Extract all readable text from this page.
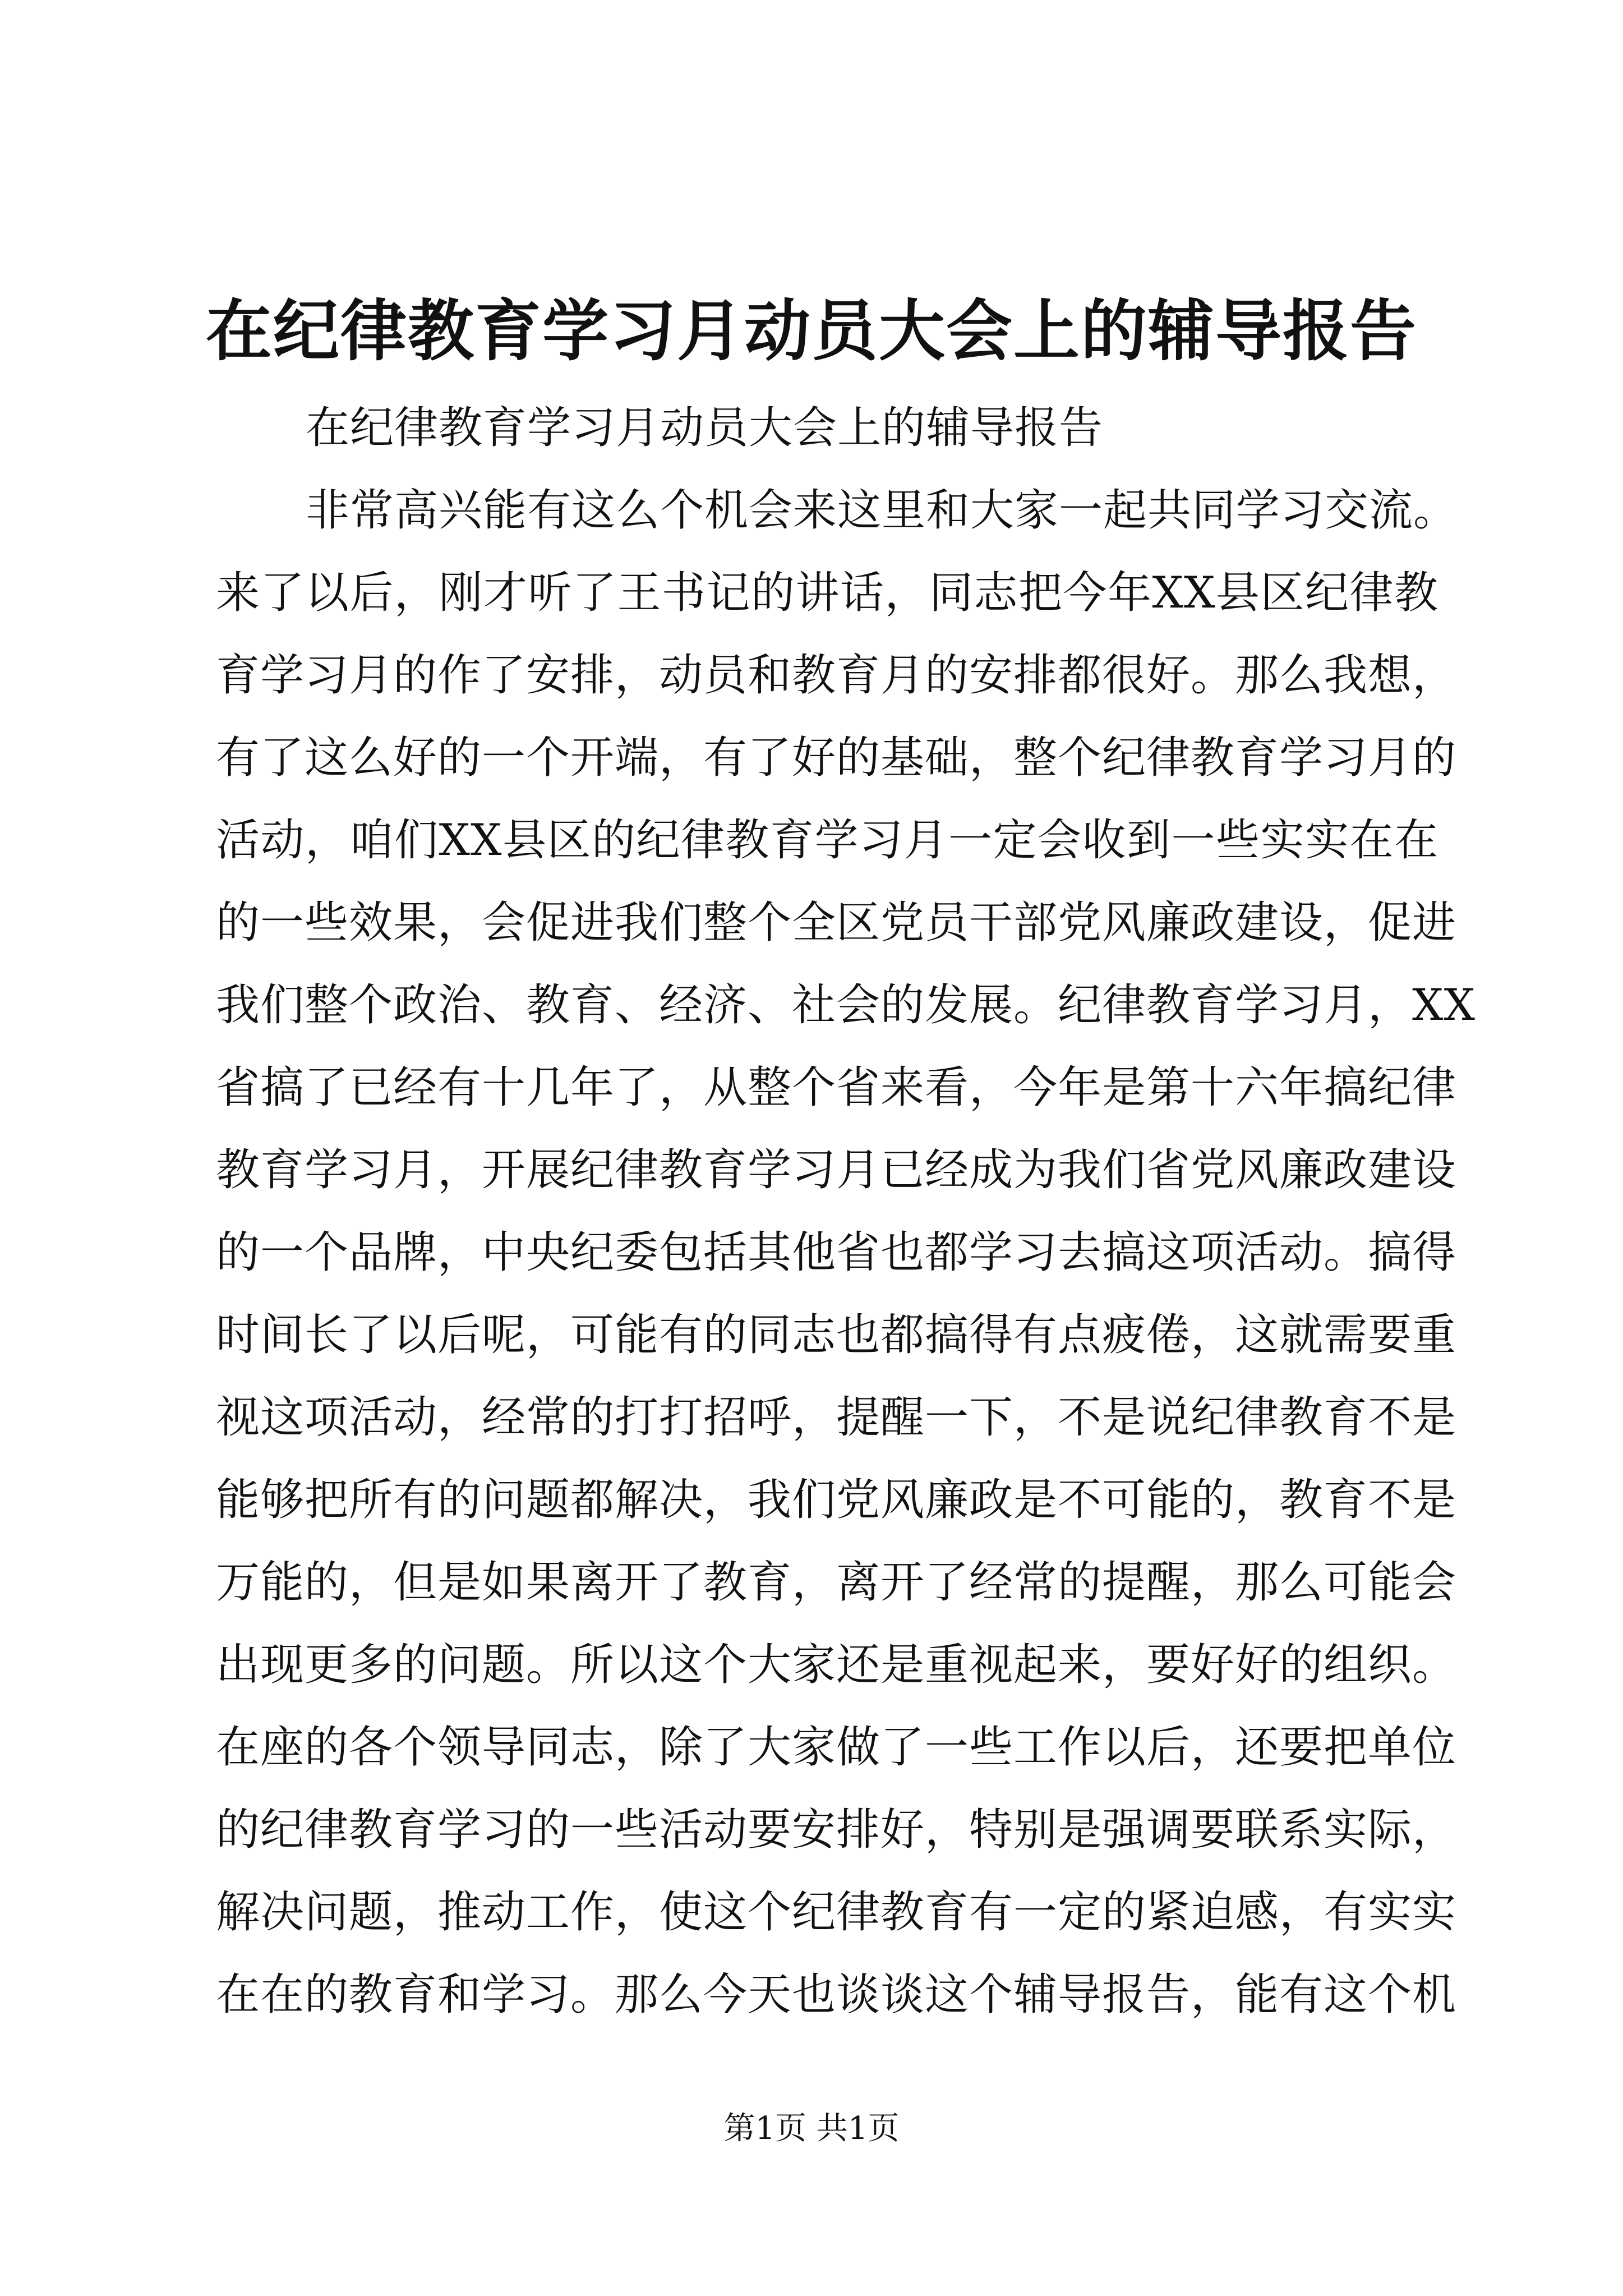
在纪律教育学习月动员大会上的辅导报告
在纪律教育学习月动员大会上的辅导报告
非常高兴能有这么个机会来这里和大家一起共同学习交流。
来了以后，刚才听了王书记的讲话，同志把今年XX县区纪律教
育学习月的作了安排，动员和教育月的安排都很好。那么我想，
有了这么好的一个开端，有了好的基础，整个纪律教育学习月的
活动，咱们XX县区的纪律教育学习月一定会收到一些实实在在
的一些效果，会促进我们整个全区党员干部党风廉政建设，促进
我们整个政治、教育、经济、社会的发展。纪律教育学习月，XX
省搞了已经有十几年了，从整个省来看，今年是第十六年搞纪律
教育学习月，开展纪律教育学习月已经成为我们省党风廉政建设
的一个品牌，中央纪委包括其他省也都学习去搞这项活动。搞得
时间长了以后呢，可能有的同志也都搞得有点疲倦，这就需要重
视这项活动，经常的打打招呼，提醒一下，不是说纪律教育不是
能够把所有的问题都解决，我们党风廉政是不可能的，教育不是
万能的，但是如果离开了教育，离开了经常的提醒，那么可能会
出现更多的问题。所以这个大家还是重视起来，要好好的组织。
在座的各个领导同志，除了大家做了一些工作以后，还要把单位
的纪律教育学习的一些活动要安排好，特别是强调要联系实际，
解决问题，推动工作，使这个纪律教育有一定的紧迫感，有实实
在在的教育和学习。那么今天也谈谈这个辅导报告，能有这个机
第1页 共1页
